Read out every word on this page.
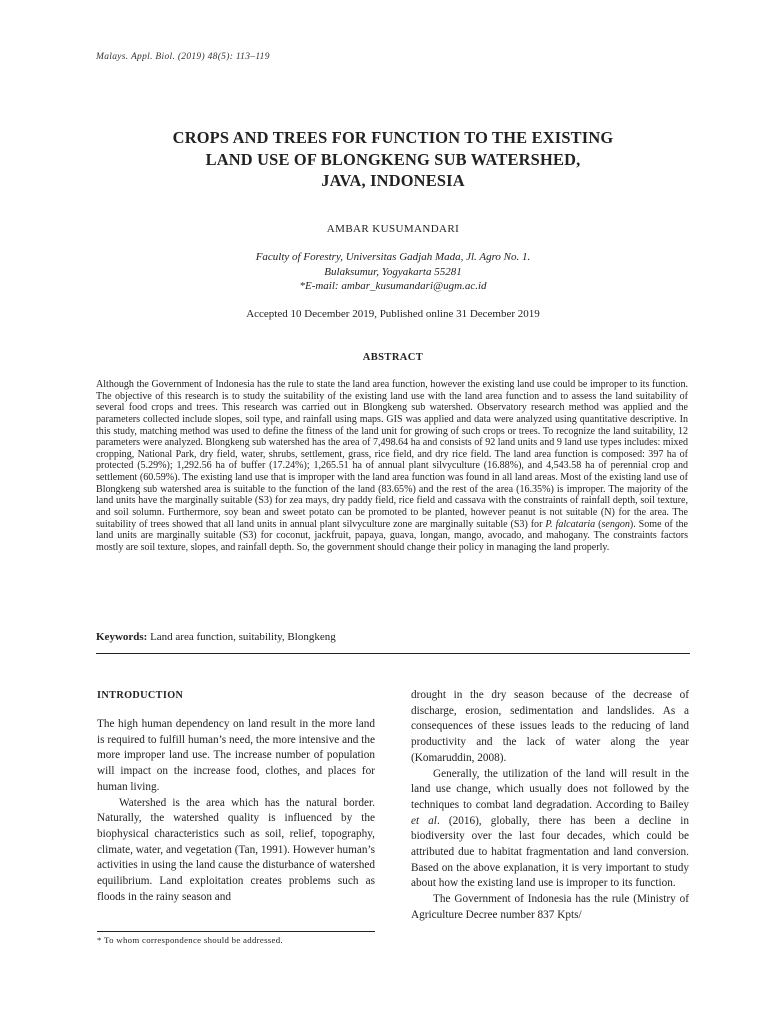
Malays. Appl. Biol. (2019) 48(5): 113–119
CROPS AND TREES FOR FUNCTION TO THE EXISTING
LAND USE OF BLONGKENG SUB WATERSHED,
JAVA, INDONESIA
AMBAR KUSUMANDARI
Faculty of Forestry, Universitas Gadjah Mada, Jl. Agro No. 1.
Bulaksumur, Yogyakarta 55281
*E-mail: ambar_kusumandari@ugm.ac.id
Accepted 10 December 2019, Published online 31 December 2019
ABSTRACT
Although the Government of Indonesia has the rule to state the land area function, however the existing land use could be improper to its function. The objective of this research is to study the suitability of the existing land use with the land area function and to assess the land suitability of several food crops and trees. This research was carried out in Blongkeng sub watershed. Observatory research method was applied and the parameters collected include slopes, soil type, and rainfall using maps. GIS was applied and data were analyzed using quantitative descriptive. In this study, matching method was used to define the fitness of the land unit for growing of such crops or trees. To recognize the land suitability, 12 parameters were analyzed. Blongkeng sub watershed has the area of 7,498.64 ha and consists of 92 land units and 9 land use types includes: mixed cropping, National Park, dry field, water, shrubs, settlement, grass, rice field, and dry rice field. The land area function is composed: 397 ha of protected (5.29%); 1,292.56 ha of buffer (17.24%); 1,265.51 ha of annual plant silvyculture (16.88%), and 4,543.58 ha of perennial crop and settlement (60.59%). The existing land use that is improper with the land area function was found in all land areas. Most of the existing land use of Blongkeng sub watershed area is suitable to the function of the land (83.65%) and the rest of the area (16.35%) is improper. The majority of the land units have the marginally suitable (S3) for zea mays, dry paddy field, rice field and cassava with the constraints of rainfall depth, soil texture, and soil solumn. Furthermore, soy bean and sweet potato can be promoted to be planted, however peanut is not suitable (N) for the area. The suitability of trees showed that all land units in annual plant silvyculture zone are marginally suitable (S3) for P. falcataria (sengon). Some of the land units are marginally suitable (S3) for coconut, jackfruit, papaya, guava, longan, mango, avocado, and mahogany. The constraints factors mostly are soil texture, slopes, and rainfall depth. So, the government should change their policy in managing the land properly.
Keywords: Land area function, suitability, Blongkeng
INTRODUCTION

The high human dependency on land result in the more land is required to fulfill human’s need, the more intensive and the more improper land use. The increase number of population will impact on the increase food, clothes, and places for human living.

Watershed is the area which has the natural border. Naturally, the watershed quality is influenced by the biophysical characteristics such as soil, relief, topography, climate, water, and vegetation (Tan, 1991). However human’s activities in using the land cause the disturbance of watershed equilibrium. Land exploitation creates problems such as floods in the rainy season and

drought in the dry season because of the decrease of discharge, erosion, sedimentation and landslides. As a consequences of these issues leads to the reducing of land productivity and the lack of water along the year (Komaruddin, 2008).

Generally, the utilization of the land will result in the land use change, which usually does not followed by the techniques to combat land degradation. According to Bailey et al. (2016), globally, there has been a decline in biodiversity over the last four decades, which could be attributed due to habitat fragmentation and land conversion. Based on the above explanation, it is very important to study about how the existing land use is improper to its function.

The Government of Indonesia has the rule (Ministry of Agriculture Decree number 837 Kpts/

* To whom correspondence should be addressed.
